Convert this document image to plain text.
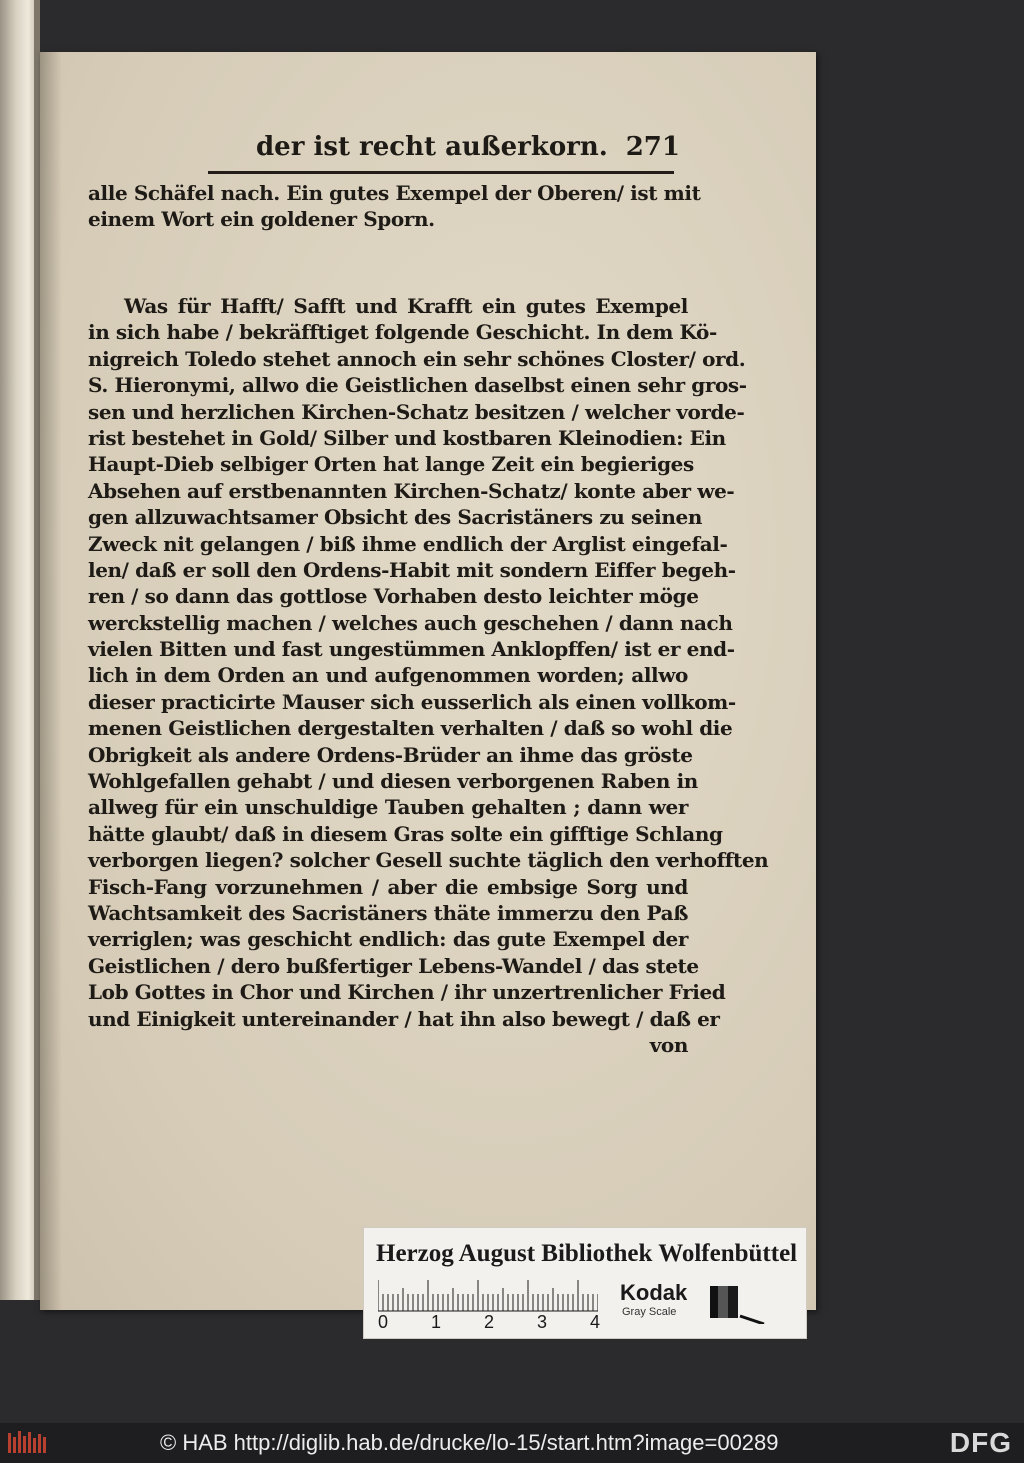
der ist recht außerkorn. 271
alle Schäfel nach. Ein gutes Exempel der Oberen/ ist mit
einem Wort ein goldener Sporn.
Was für Hafft/ Safft und Krafft ein gutes Exempel
in sich habe / bekräfftiget folgende Geschicht. In dem Kö-
nigreich Toledo stehet annoch ein sehr schönes Closter/ ord.
S. Hieronymi, allwo die Geistlichen daselbst einen sehr gros-
sen und herzlichen Kirchen-Schatz besitzen / welcher vorde-
rist bestehet in Gold/ Silber und kostbaren Kleinodien: Ein
Haupt-Dieb selbiger Orten hat lange Zeit ein begieriges
Absehen auf erstbenannten Kirchen-Schatz/ konte aber we-
gen allzuwachtsamer Obsicht des Sacristäners zu seinen
Zweck nit gelangen / biß ihme endlich der Arglist eingefal-
len/ daß er soll den Ordens-Habit mit sondern Eiffer begeh-
ren / so dann das gottlose Vorhaben desto leichter möge
werckstellig machen / welches auch geschehen / dann nach
vielen Bitten und fast ungestümmen Anklopffen/ ist er end-
lich in dem Orden an und aufgenommen worden; allwo
dieser practicirte Mauser sich eusserlich als einen vollkom-
menen Geistlichen dergestalten verhalten / daß so wohl die
Obrigkeit als andere Ordens-Brüder an ihme das gröste
Wohlgefallen gehabt / und diesen verborgenen Raben in
allweg für ein unschuldige Tauben gehalten ; dann wer
hätte glaubt/ daß in diesem Gras solte ein gifftige Schlang
verborgen liegen? solcher Gesell suchte täglich den verhofften
Fisch-Fang vorzunehmen / aber die embsige Sorg und
Wachtsamkeit des Sacristäners thäte immerzu den Paß
verriglen; was geschicht endlich: das gute Exempel der
Geistlichen / dero bußfertiger Lebens-Wandel / das stete
Lob Gottes in Chor und Kirchen / ihr unzertrenlicher Fried
und Einigkeit untereinander / hat ihn also bewegt / daß er
von
Herzog August Bibliothek Wolfenbüttel
0 1 2 3 4
Kodak
Gray Scale
© HAB http://diglib.hab.de/drucke/lo-15/start.htm?image=00289	DFG
